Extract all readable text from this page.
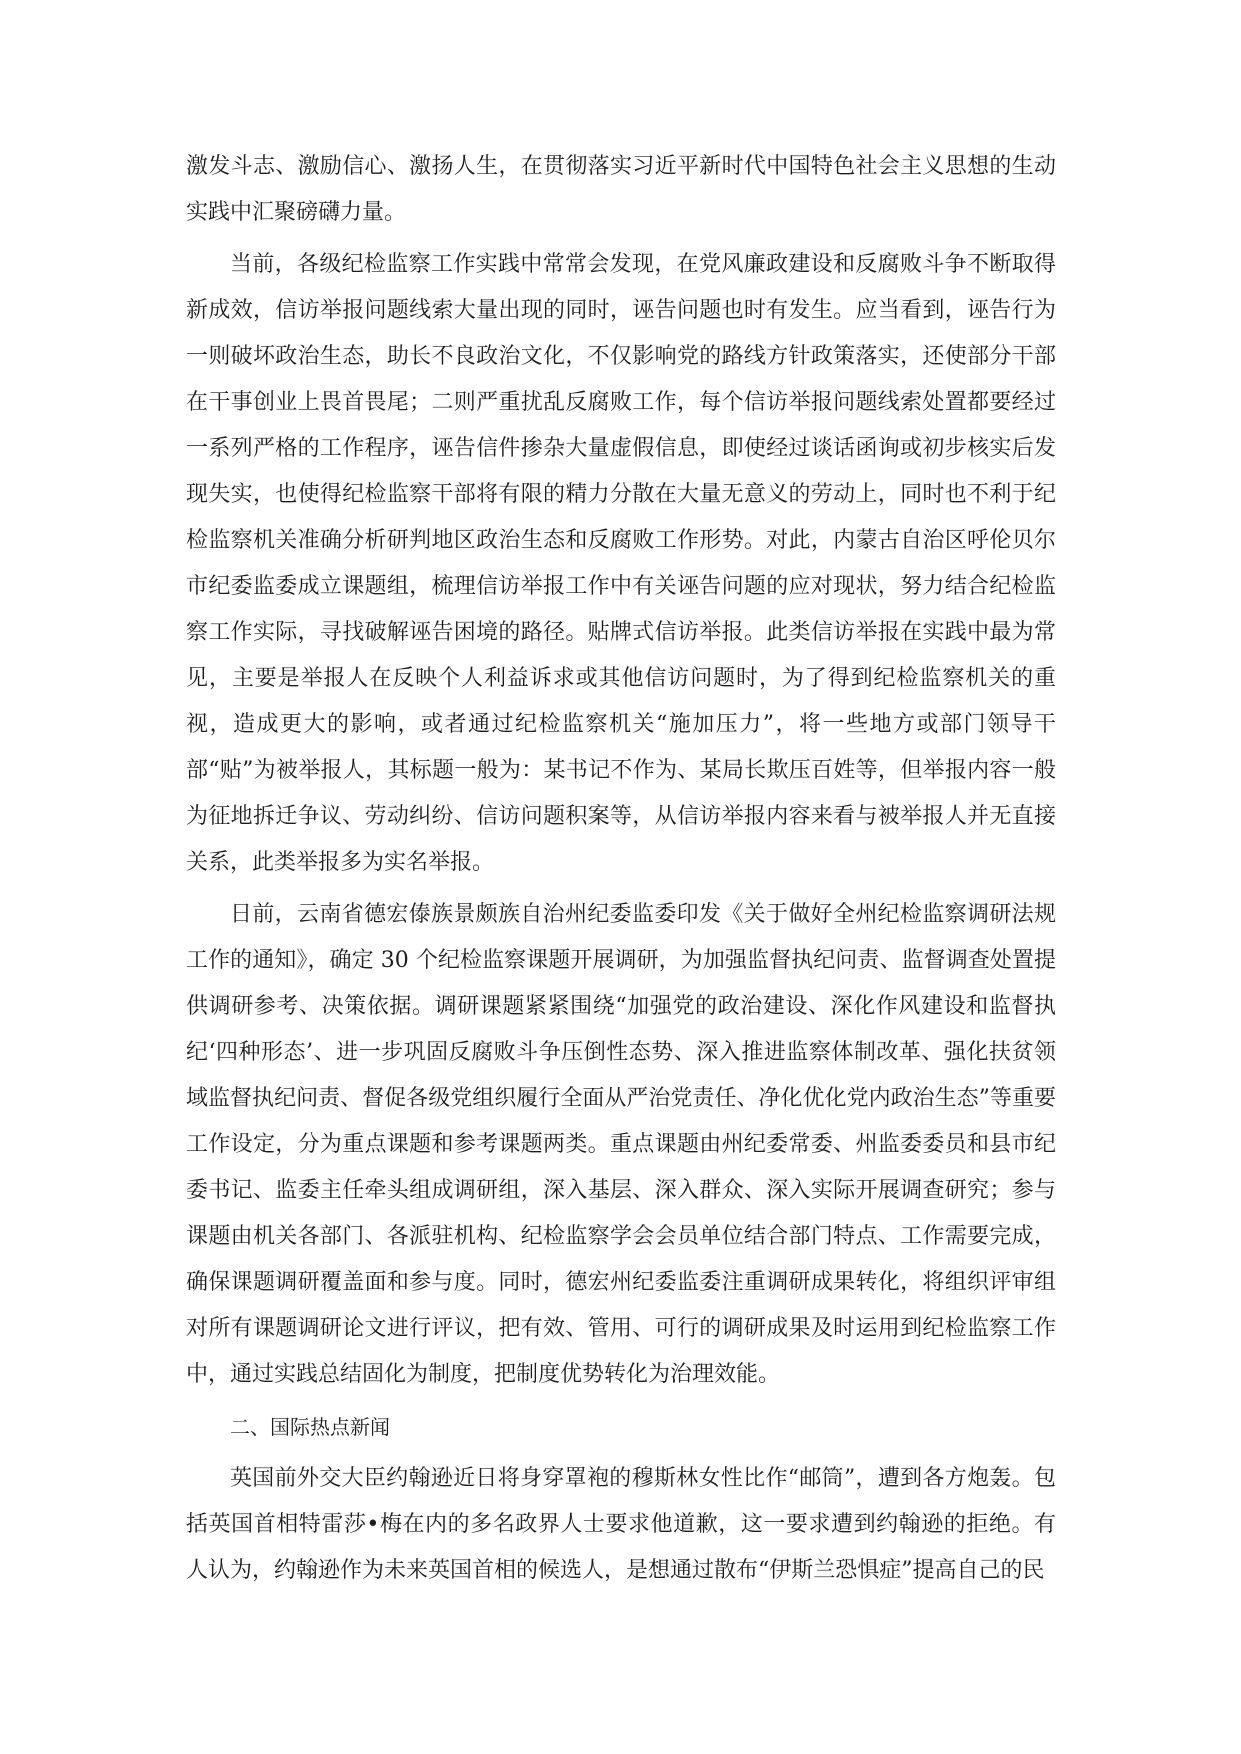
激发斗志、激励信心、激扬人生，在贯彻落实习近平新时代中国特色社会主义思想的生动实践中汇聚磅礴力量。

当前，各级纪检监察工作实践中常常会发现，在党风廉政建设和反腐败斗争不断取得新成效，信访举报问题线索大量出现的同时，诬告问题也时有发生。应当看到，诬告行为一则破坏政治生态，助长不良政治文化，不仅影响党的路线方针政策落实，还使部分干部在干事创业上畏首畏尾；二则严重扰乱反腐败工作，每个信访举报问题线索处置都要经过一系列严格的工作程序，诬告信件掺杂大量虚假信息，即使经过谈话函询或初步核实后发现失实，也使得纪检监察干部将有限的精力分散在大量无意义的劳动上，同时也不利于纪检监察机关准确分析研判地区政治生态和反腐败工作形势。对此，内蒙古自治区呼伦贝尔市纪委监委成立课题组，梳理信访举报工作中有关诬告问题的应对现状，努力结合纪检监察工作实际，寻找破解诬告困境的路径。贴牌式信访举报。此类信访举报在实践中最为常见，主要是举报人在反映个人利益诉求或其他信访问题时，为了得到纪检监察机关的重视，造成更大的影响，或者通过纪检监察机关“施加压力”，将一些地方或部门领导干部“贴”为被举报人，其标题一般为：某书记不作为、某局长欺压百姓等，但举报内容一般为征地拆迁争议、劳动纠纷、信访问题积案等，从信访举报内容来看与被举报人并无直接关系，此类举报多为实名举报。

日前，云南省德宏傣族景颇族自治州纪委监委印发《关于做好全州纪检监察调研法规工作的通知》，确定 30 个纪检监察课题开展调研，为加强监督执纪问责、监督调查处置提供调研参考、决策依据。调研课题紧紧围绕“加强党的政治建设、深化作风建设和监督执纪‘四种形态’、进一步巩固反腐败斗争压倒性态势、深入推进监察体制改革、强化扶贫领域监督执纪问责、督促各级党组织履行全面从严治党责任、净化优化党内政治生态”等重要工作设定，分为重点课题和参考课题两类。重点课题由州纪委常委、州监委委员和县市纪委书记、监委主任牵头组成调研组，深入基层、深入群众、深入实际开展调查研究；参与课题由机关各部门、各派驻机构、纪检监察学会会员单位结合部门特点、工作需要完成，确保课题调研覆盖面和参与度。同时，德宏州纪委监委注重调研成果转化，将组织评审组对所有课题调研论文进行评议，把有效、管用、可行的调研成果及时运用到纪检监察工作中，通过实践总结固化为制度，把制度优势转化为治理效能。

二、国际热点新闻

英国前外交大臣约翰逊近日将身穿罩袍的穆斯林女性比作“邮筒”，遭到各方炮轰。包括英国首相特雷莎•梅在内的多名政界人士要求他道歉，这一要求遭到约翰逊的拒绝。有人认为，约翰逊作为未来英国首相的候选人，是想通过散布“伊斯兰恐惧症”提高自己的民
